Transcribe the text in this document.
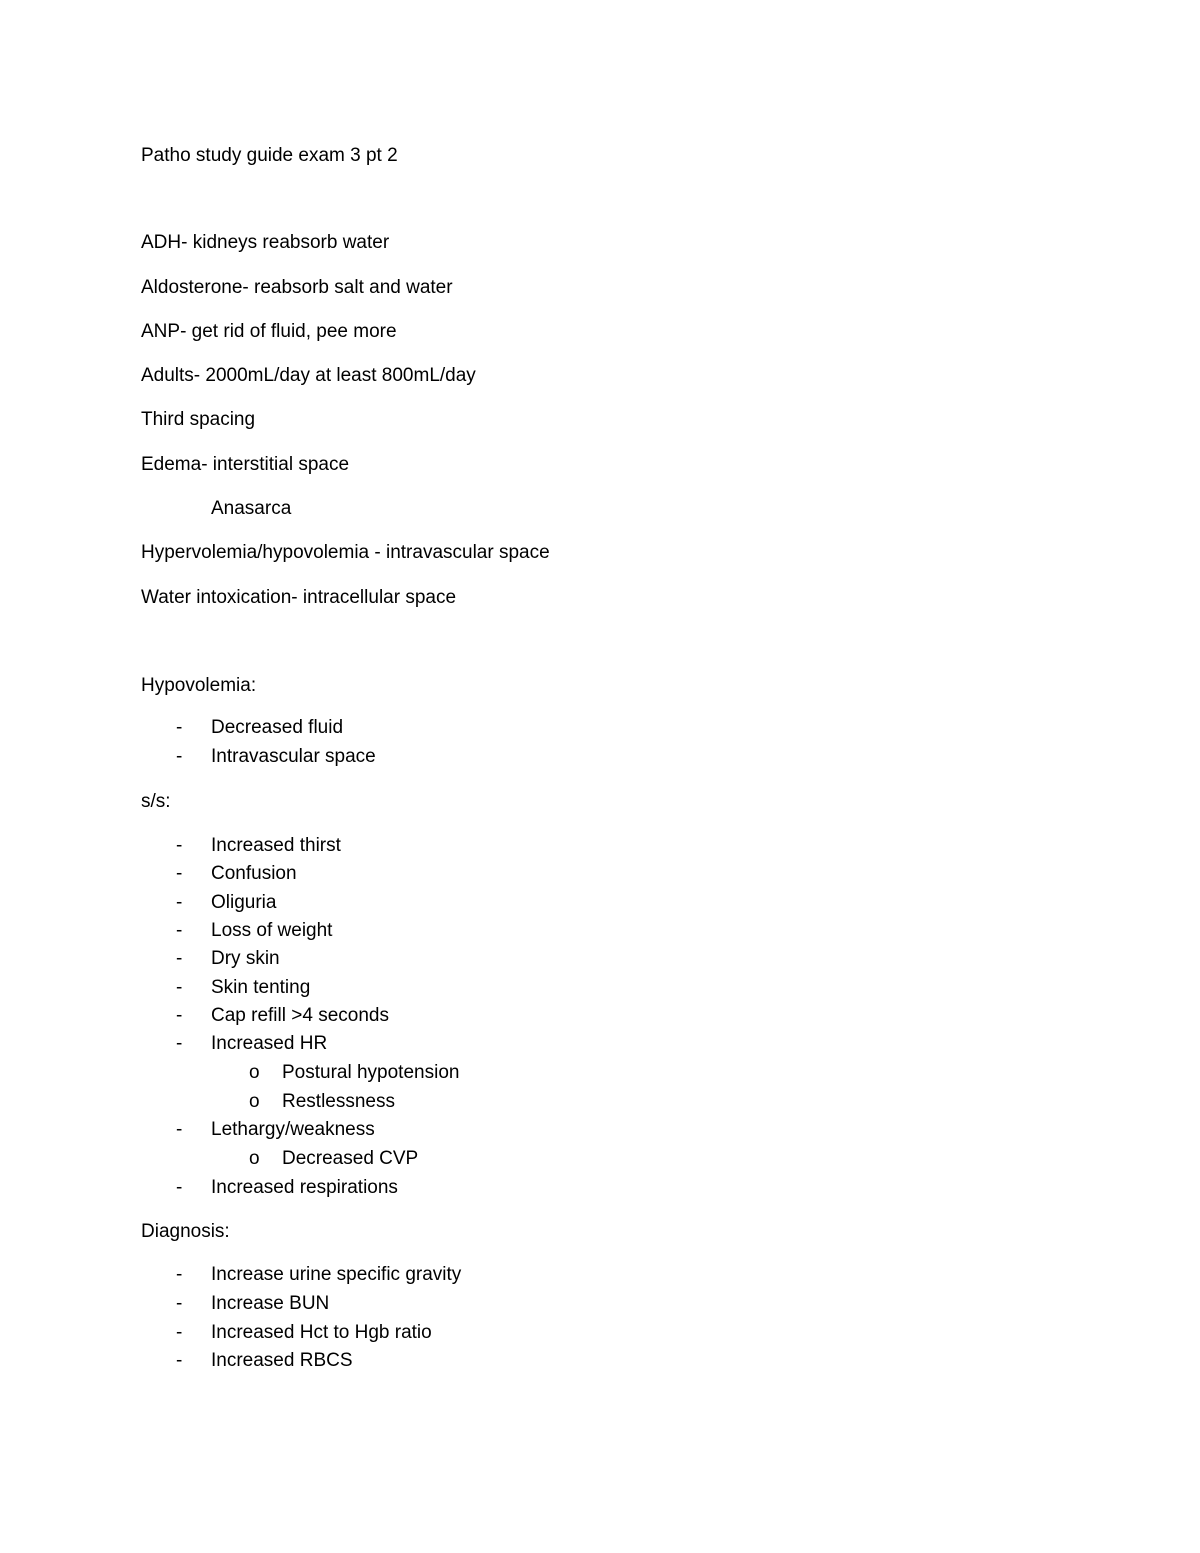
Patho study guide exam 3 pt 2
ADH- kidneys reabsorb water
Aldosterone- reabsorb salt and water
ANP- get rid of fluid, pee more
Adults- 2000mL/day at least 800mL/day
Third spacing
Edema- interstitial space
Anasarca
Hypervolemia/hypovolemia - intravascular space
Water intoxication- intracellular space
Hypovolemia:
- Decreased fluid
- Intravascular space
s/s:
- Increased thirst
- Confusion
- Oliguria
- Loss of weight
- Dry skin
- Skin tenting
- Cap refill >4 seconds
- Increased HR
o Postural hypotension
o Restlessness
- Lethargy/weakness
o Decreased CVP
- Increased respirations
Diagnosis:
- Increase urine specific gravity
- Increase BUN
- Increased Hct to Hgb ratio
- Increased RBCS
